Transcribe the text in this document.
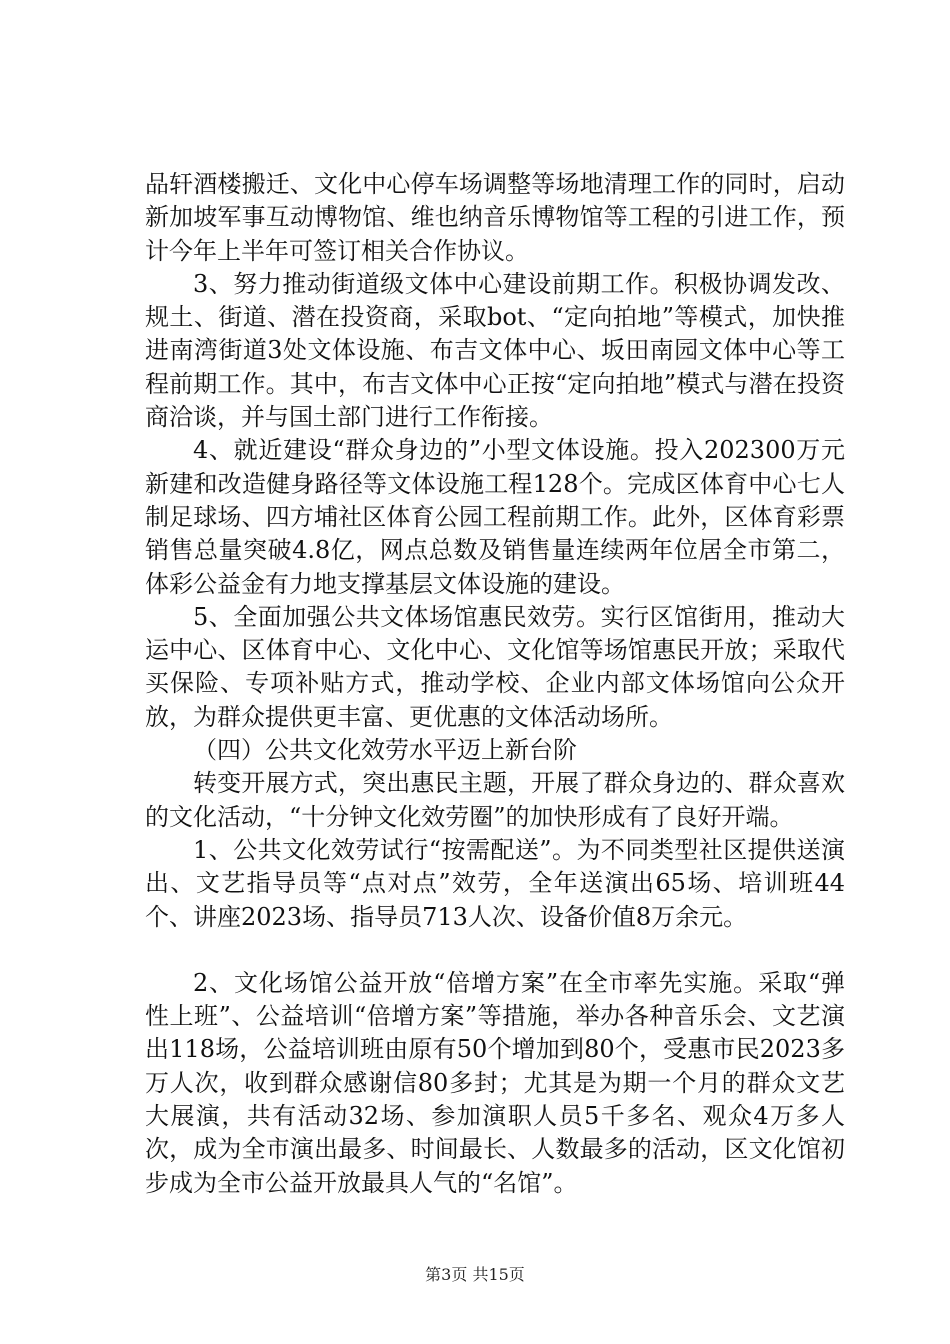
品轩酒楼搬迁、文化中心停车场调整等场地清理工作的同时，启动新加坡军事互动博物馆、维也纳音乐博物馆等工程的引进工作，预计今年上半年可签订相关合作协议。

3、努力推动街道级文体中心建设前期工作。积极协调发改、规土、街道、潜在投资商，采取bot、“定向拍地”等模式，加快推进南湾街道3处文体设施、布吉文体中心、坂田南园文体中心等工程前期工作。其中，布吉文体中心正按“定向拍地”模式与潜在投资商洽谈，并与国土部门进行工作衔接。

4、就近建设“群众身边的”小型文体设施。投入202300万元新建和改造健身路径等文体设施工程128个。完成区体育中心七人制足球场、四方埔社区体育公园工程前期工作。此外，区体育彩票销售总量突破4.8亿，网点总数及销售量连续两年位居全市第二，体彩公益金有力地支撑基层文体设施的建设。

5、全面加强公共文体场馆惠民效劳。实行区馆街用，推动大运中心、区体育中心、文化中心、文化馆等场馆惠民开放；采取代买保险、专项补贴方式，推动学校、企业内部文体场馆向公众开放，为群众提供更丰富、更优惠的文体活动场所。

（四）公共文化效劳水平迈上新台阶

转变开展方式，突出惠民主题，开展了群众身边的、群众喜欢的文化活动，“十分钟文化效劳圈”的加快形成有了良好开端。

1、公共文化效劳试行“按需配送”。为不同类型社区提供送演出、文艺指导员等“点对点”效劳，全年送演出65场、培训班44个、讲座2023场、指导员713人次、设备价值8万余元。

2、文化场馆公益开放“倍增方案”在全市率先实施。采取“弹性上班”、公益培训“倍增方案”等措施，举办各种音乐会、文艺演出118场，公益培训班由原有50个增加到80个，受惠市民2023多万人次，收到群众感谢信80多封；尤其是为期一个月的群众文艺大展演，共有活动32场、参加演职人员5千多名、观众4万多人次，成为全市演出最多、时间最长、人数最多的活动，区文化馆初步成为全市公益开放最具人气的“名馆”。

第3页 共15页
